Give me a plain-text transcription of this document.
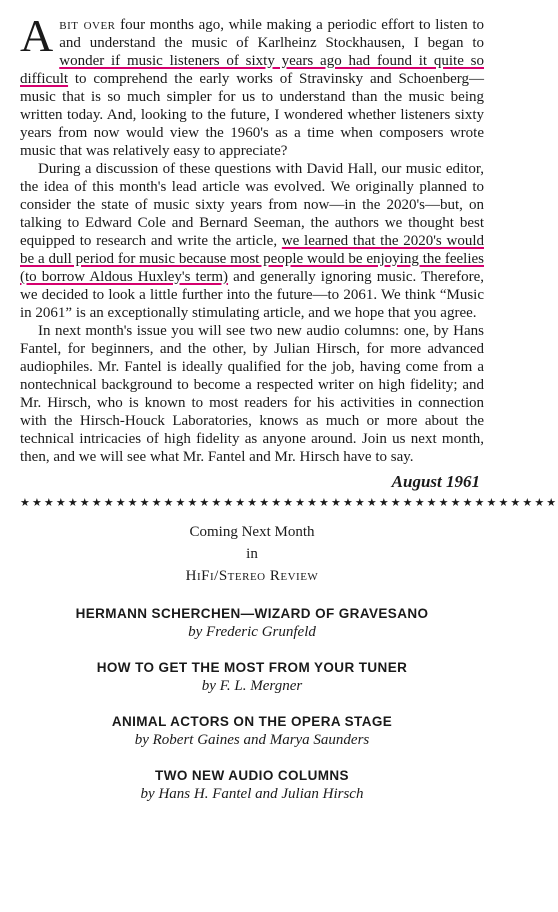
Abit over four months ago, while making a periodic effort to listen to and understand the music of Karlheinz Stockhausen, I began to wonder if music listeners of sixty years ago had found it quite so difficult to comprehend the early works of Stravinsky and Schoenberg—music that is so much simpler for us to understand than the music being written today. And, looking to the future, I wondered whether listeners sixty years from now would view the 1960's as a time when composers wrote music that was relatively easy to appreciate?

During a discussion of these questions with David Hall, our music editor, the idea of this month's lead article was evolved. We originally planned to consider the state of music sixty years from now—in the 2020's—but, on talking to Edward Cole and Bernard Seeman, the authors we thought best equipped to research and write the article, we learned that the 2020's would be a dull period for music because most people would be enjoying the feelies (to borrow Aldous Huxley's term) and generally ignoring music. Therefore, we decided to look a little further into the future—to 2061. We think “Music in 2061” is an exceptionally stimulating article, and we hope that you agree.

In next month's issue you will see two new audio columns: one, by Hans Fantel, for beginners, and the other, by Julian Hirsch, for more advanced audiophiles. Mr. Fantel is ideally qualified for the job, having come from a nontechnical background to become a respected writer on high fidelity; and Mr. Hirsch, who is known to most readers for his activities in connection with the Hirsch-Houck Laboratories, knows as much or more about the technical intricacies of high fidelity as anyone around. Join us next month, then, and we will see what Mr. Fantel and Mr. Hirsch have to say.

August 1961
★★★★★★★★★★★★★★★★★★★★★★★★★★★★★★★★★★★★★★★★★★★★★
Coming Next Month
in
HiFi/Stereo Review
HERMANN SCHERCHEN—WIZARD OF GRAVESANO
by Frederic Grunfeld
HOW TO GET THE MOST FROM YOUR TUNER
by F. L. Mergner
ANIMAL ACTORS ON THE OPERA STAGE
by Robert Gaines and Marya Saunders
TWO NEW AUDIO COLUMNS
by Hans H. Fantel and Julian Hirsch
